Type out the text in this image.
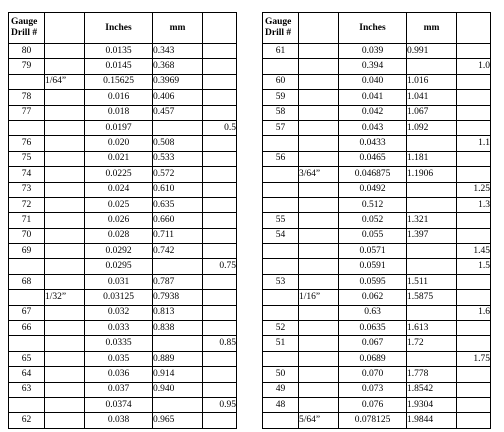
Gauge
Drill #		Inches	mm	
80		0.0135	0.343	
79		0.0145	0.368	
	1/64”	0.15625	0.3969	
78		0.016	0.406	
77		0.018	0.457	
		0.0197		0.5
76		0.020	0.508	
75		0.021	0.533	
74		0.0225	0.572	
73		0.024	0.610	
72		0.025	0.635	
71		0.026	0.660	
70		0.028	0.711	
69		0.0292	0.742	
		0.0295		0.75
68		0.031	0.787	
	1/32”	0.03125	0.7938	
67		0.032	0.813	
66		0.033	0.838	
		0.0335		0.85
65		0.035	0.889	
64		0.036	0.914	
63		0.037	0.940	
		0.0374		0.95
62		0.038	0.965	
Gauge
Drill #		Inches	mm	
61		0.039	0.991	
		0.394		1.0
60		0.040	1.016	
59		0.041	1.041	
58		0.042	1.067	
57		0.043	1.092	
		0.0433		1.1
56		0.0465	1.181	
	3/64”	0.046875	1.1906	
		0.0492		1.25
		0.512		1.3
55		0.052	1.321	
54		0.055	1.397	
		0.0571		1.45
		0.0591		1.5
53		0.0595	1.511	
	1/16”	0.062	1.5875	
		0.63		1.6
52		0.0635	1.613	
51		0.067	1.72	
		0.0689		1.75
50		0.070	1.778	
49		0.073	1.8542	
48		0.076	1.9304	
	5/64”	0.078125	1.9844	
